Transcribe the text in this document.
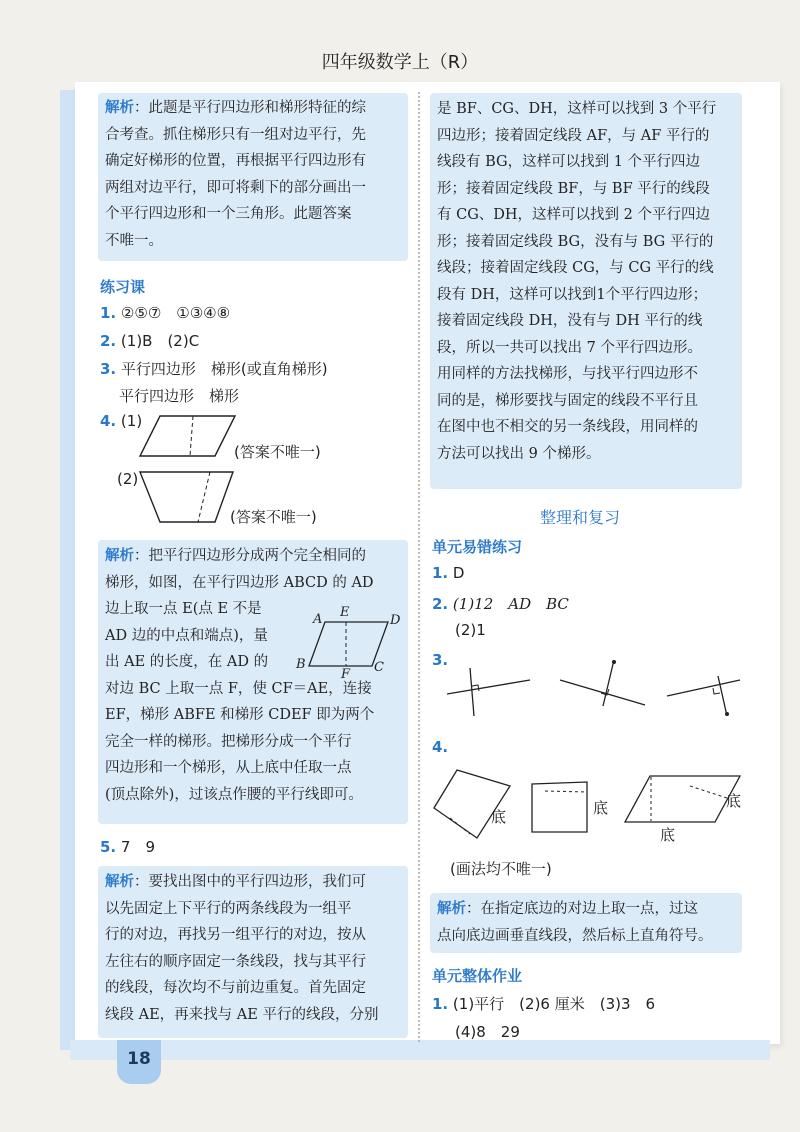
四年级数学上（R）
解析：此题是平行四边形和梯形特征的综
合考查。抓住梯形只有一组对边平行，先
确定好梯形的位置，再根据平行四边形有
两组对边平行，即可将剩下的部分画出一
个平行四边形和一个三角形。此题答案
不唯一。
练习课
1. ②⑤⑦　①③④⑧
2. (1)B　(2)C
3. 平行四边形　梯形(或直角梯形)
平行四边形　梯形
4. (1)
(答案不唯一)
(2)
(答案不唯一)
解析：把平行四边形分成两个完全相同的
梯形，如图，在平行四边形 ABCD 的 AD
边上取一点 E(点 E 不是
AD 边的中点和端点)，量
出 AE 的长度，在 AD 的
对边 BC 上取一点 F，使 CF＝AE，连接
EF，梯形 ABFE 和梯形 CDEF 即为两个
完全一样的梯形。把梯形分成一个平行
四边形和一个梯形，从上底中任取一点
(顶点除外)，过该点作腰的平行线即可。
A E
D
B
F C
5. 7　9
解析：要找出图中的平行四边形，我们可
以先固定上下平行的两条线段为一组平
行的对边，再找另一组平行的对边，按从
左往右的顺序固定一条线段，找与其平行
的线段，每次均不与前边重复。首先固定
线段 AE，再来找与 AE 平行的线段，分别
是 BF、CG、DH，这样可以找到 3 个平行
四边形；接着固定线段 AF，与 AF 平行的
线段有 BG，这样可以找到 1 个平行四边
形；接着固定线段 BF，与 BF 平行的线段
有 CG、DH，这样可以找到 2 个平行四边
形；接着固定线段 BG，没有与 BG 平行的
线段；接着固定线段 CG，与 CG 平行的线
段有 DH，这样可以找到1个平行四边形；
接着固定线段 DH，没有与 DH 平行的线
段，所以一共可以找出 7 个平行四边形。
用同样的方法找梯形，与找平行四边形不
同的是，梯形要找与固定的线段不平行且
在图中也不相交的另一条线段，用同样的
方法可以找出 9 个梯形。
整理和复习
单元易错练习
1. D
2. (1)12　AD　BC
(2)1
3.
4.
底	底	底
底
(画法均不唯一)
解析：在指定底边的对边上取一点，过这
点向底边画垂直线段，然后标上直角符号。
单元整体作业
1. (1)平行　(2)6 厘米　(3)3　6
(4)8　29
18
